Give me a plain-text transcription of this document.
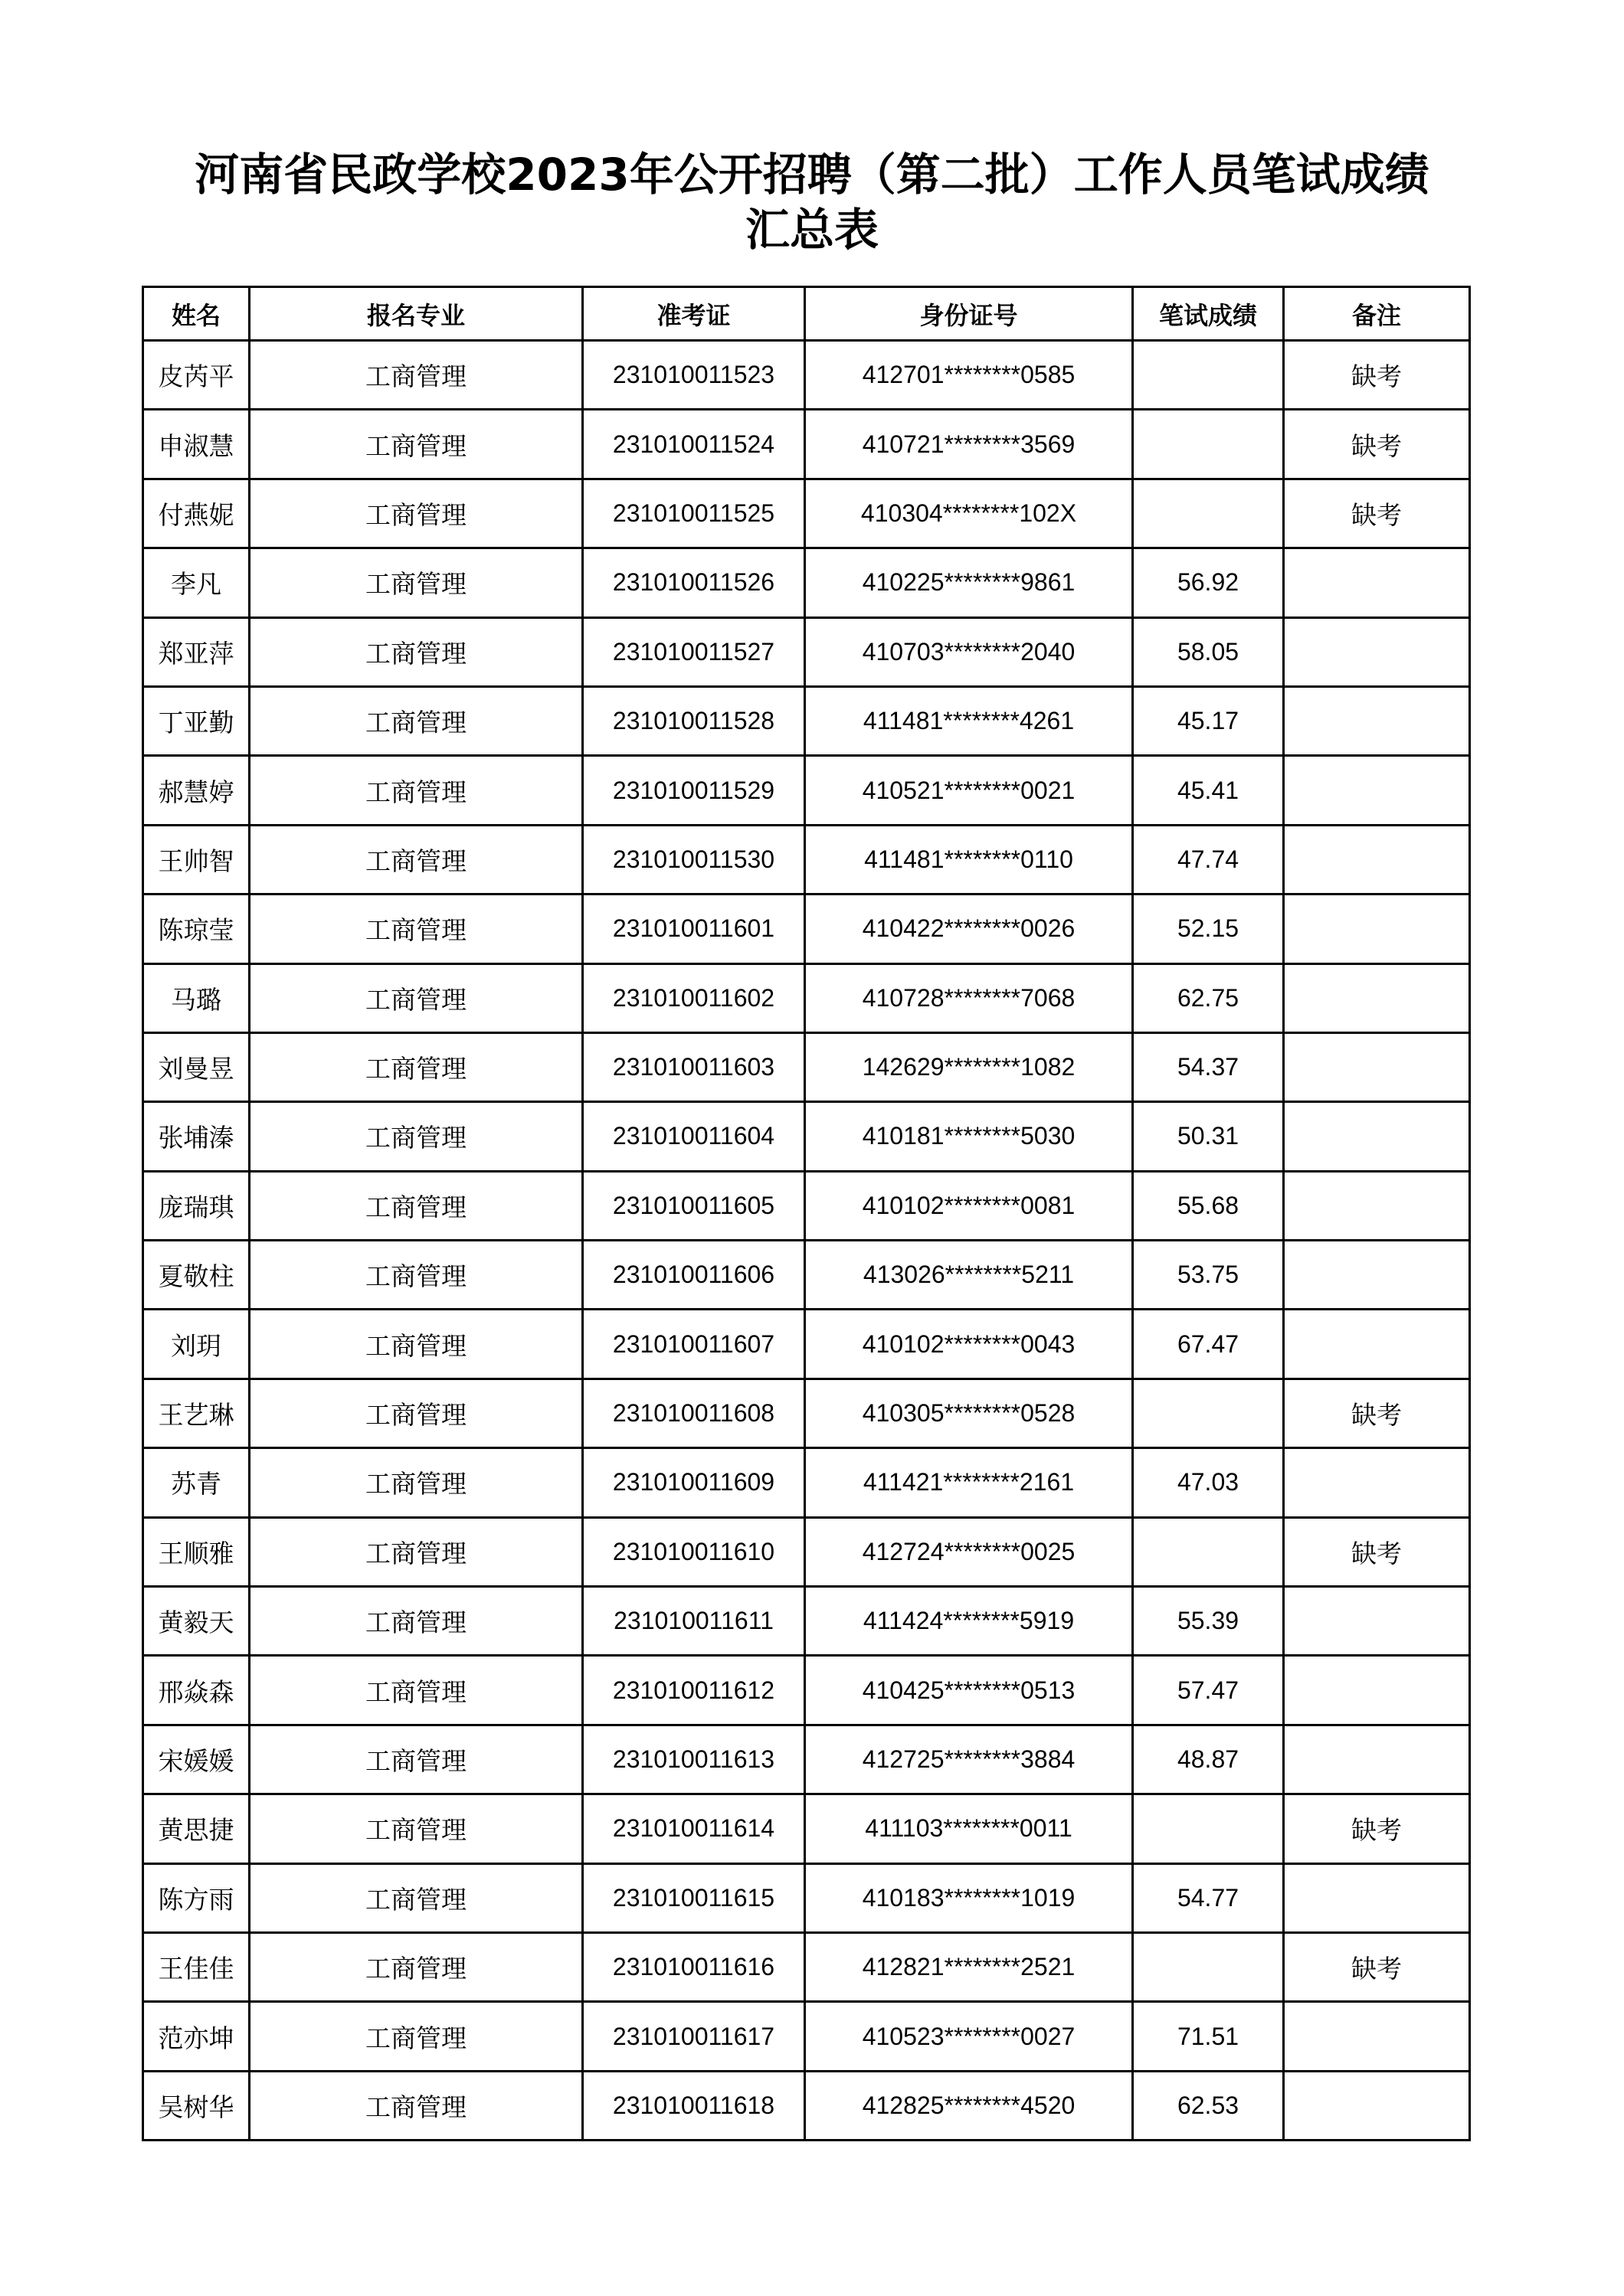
河南省民政学校2023年公开招聘（第二批）工作人员笔试成绩
汇总表
姓名	报名专业	准考证	身份证号	笔试成绩	备注
皮芮平	工商管理	231010011523	412701********0585		缺考
申淑慧	工商管理	231010011524	410721********3569		缺考
付燕妮	工商管理	231010011525	410304********102X		缺考
李凡	工商管理	231010011526	410225********9861	56.92	
郑亚萍	工商管理	231010011527	410703********2040	58.05	
丁亚勤	工商管理	231010011528	411481********4261	45.17	
郝慧婷	工商管理	231010011529	410521********0021	45.41	
王帅智	工商管理	231010011530	411481********0110	47.74	
陈琼莹	工商管理	231010011601	410422********0026	52.15	
马璐	工商管理	231010011602	410728********7068	62.75	
刘曼昱	工商管理	231010011603	142629********1082	54.37	
张埔溱	工商管理	231010011604	410181********5030	50.31	
庞瑞琪	工商管理	231010011605	410102********0081	55.68	
夏敬柱	工商管理	231010011606	413026********5211	53.75	
刘玥	工商管理	231010011607	410102********0043	67.47	
王艺琳	工商管理	231010011608	410305********0528		缺考
苏青	工商管理	231010011609	411421********2161	47.03	
王顺雅	工商管理	231010011610	412724********0025		缺考
黄毅天	工商管理	231010011611	411424********5919	55.39	
邢焱森	工商管理	231010011612	410425********0513	57.47	
宋媛媛	工商管理	231010011613	412725********3884	48.87	
黄思捷	工商管理	231010011614	411103********0011		缺考
陈方雨	工商管理	231010011615	410183********1019	54.77	
王佳佳	工商管理	231010011616	412821********2521		缺考
范亦坤	工商管理	231010011617	410523********0027	71.51	
吴树华	工商管理	231010011618	412825********4520	62.53	
